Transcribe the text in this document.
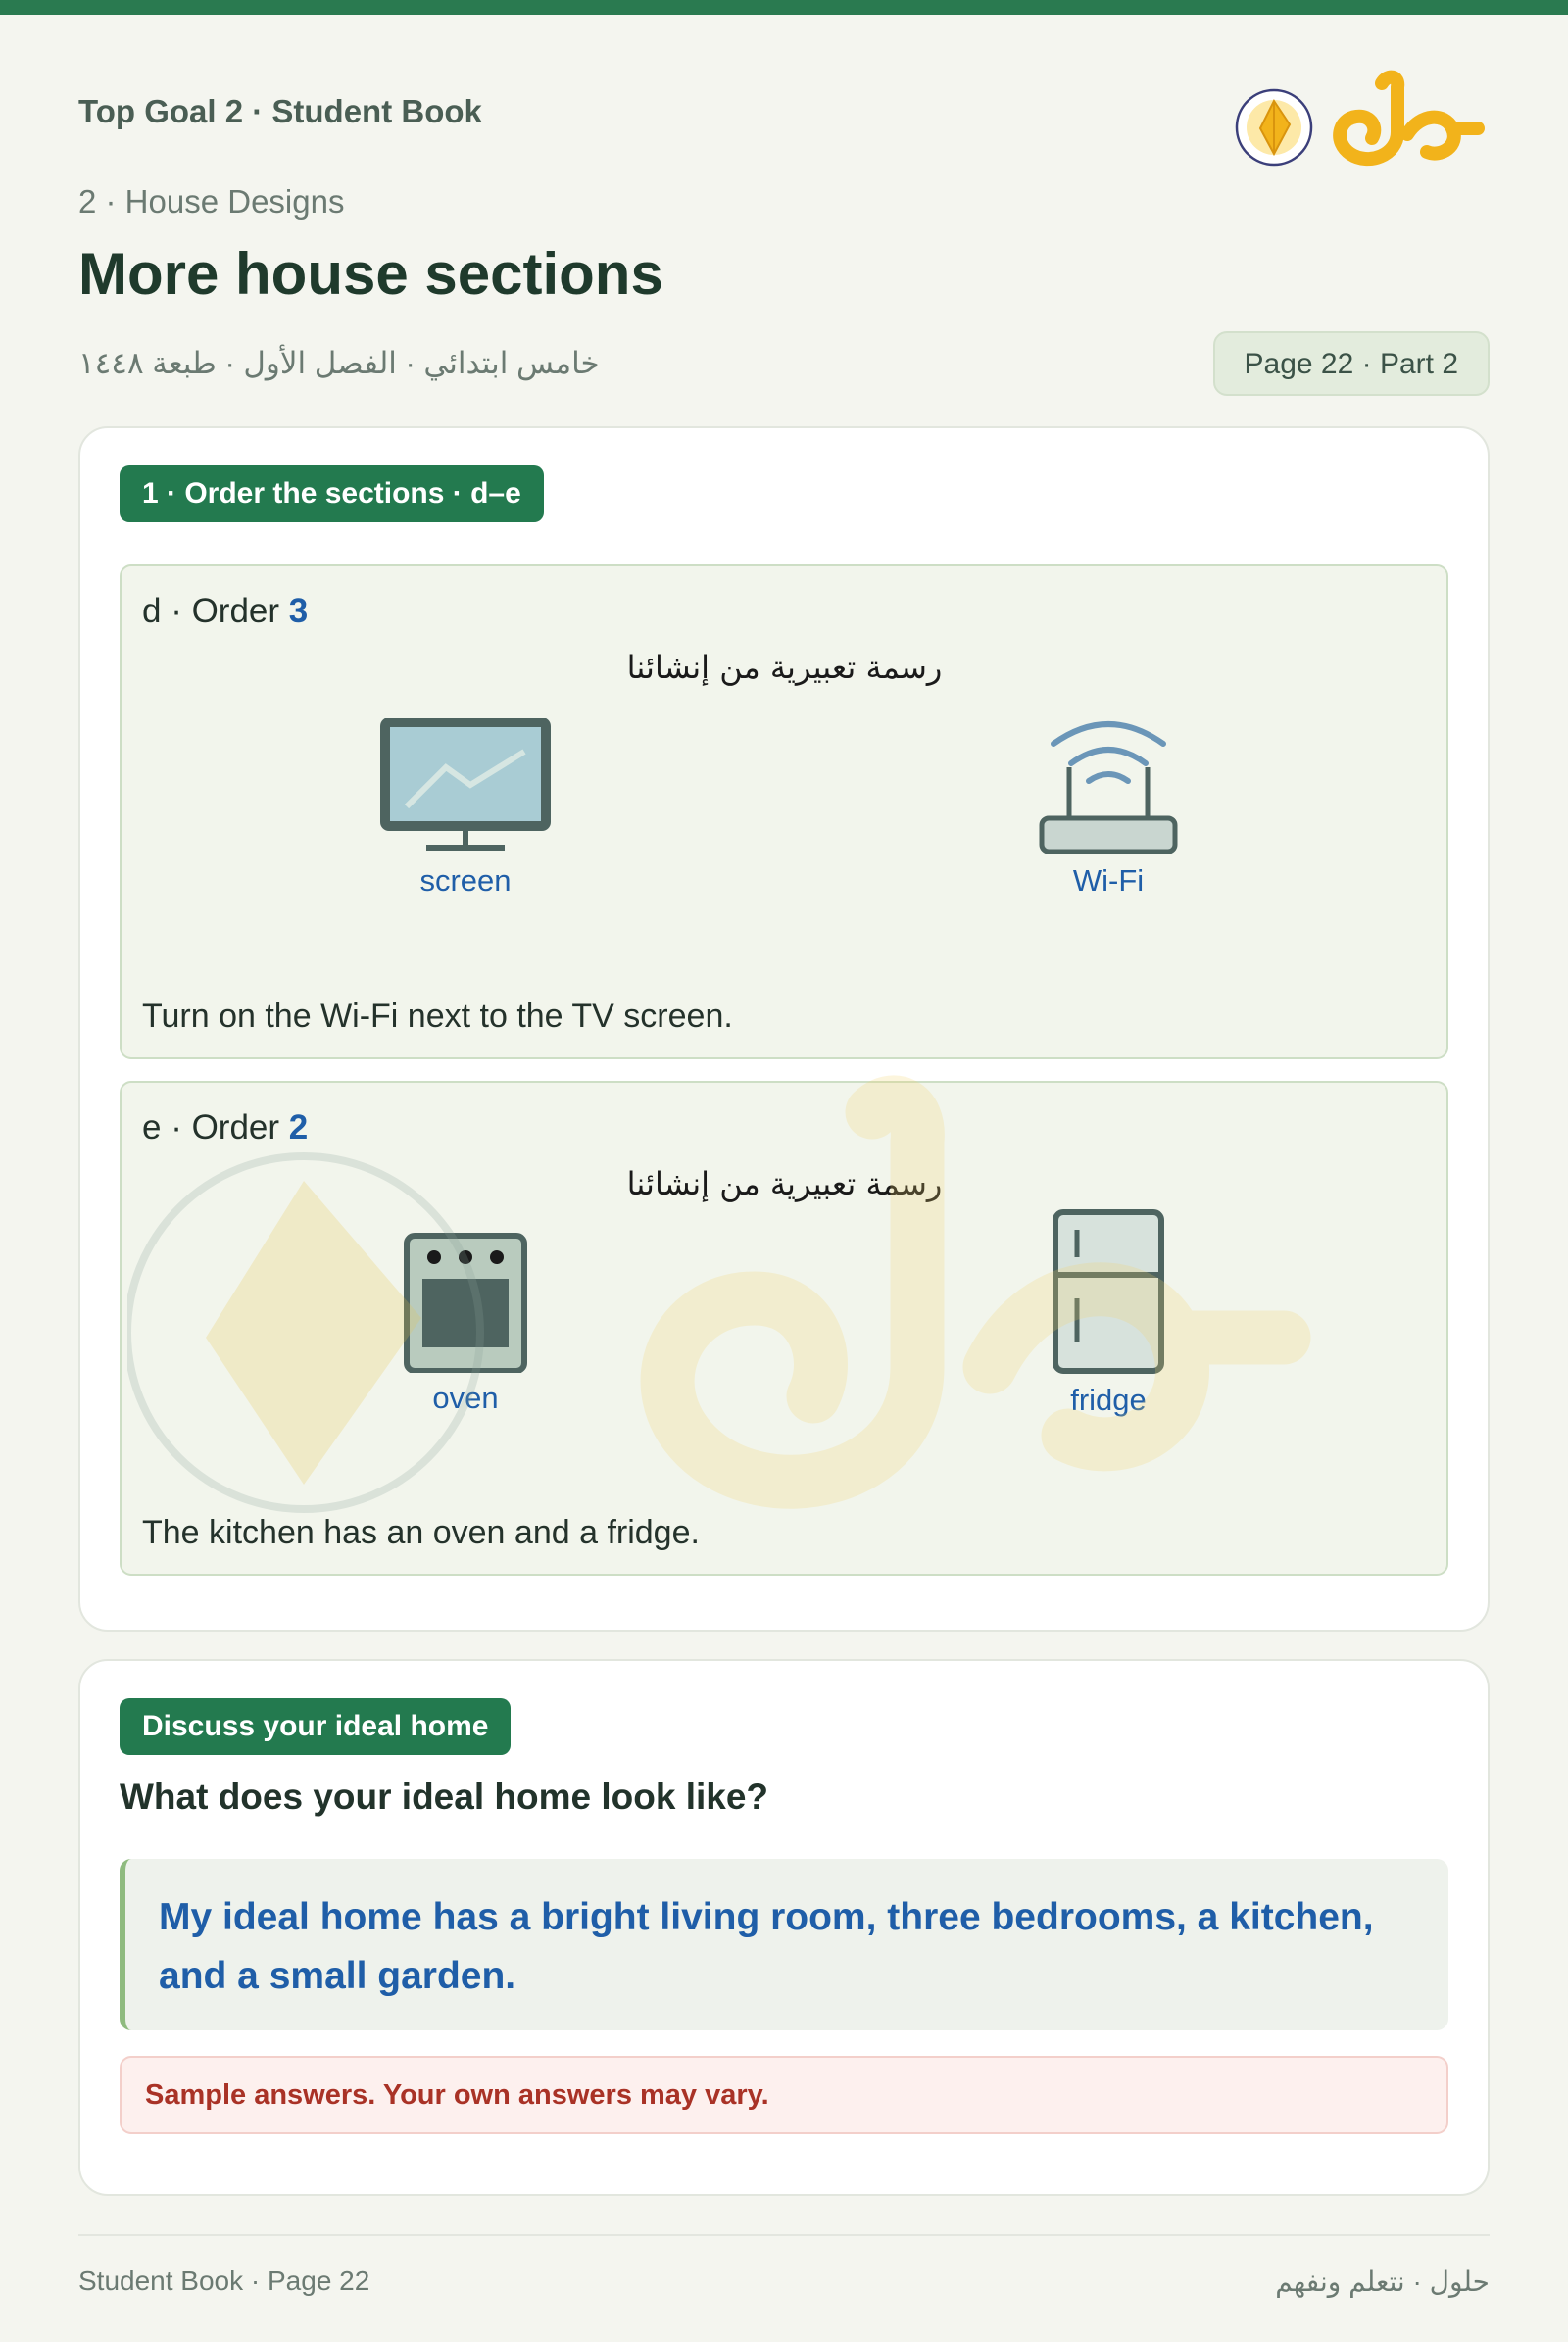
Top Goal 2 · Student Book
2 · House Designs
More house sections
خامس ابتدائي · الفصل الأول · طبعة ١٤٤٨	Page 22 · Part 2
1 · Order the sections · d–e
d · Order 3
رسمة تعبيرية من إنشائنا
screen	Wi-Fi
Turn on the Wi-Fi next to the TV screen.
e · Order 2
رسمة تعبيرية من إنشائنا
oven	fridge
The kitchen has an oven and a fridge.
Discuss your ideal home
What does your ideal home look like?
My ideal home has a bright living room, three bedrooms, a kitchen, and a small garden.
Sample answers. Your own answers may vary.
Student Book · Page 22	حلول · نتعلم ونفهم
